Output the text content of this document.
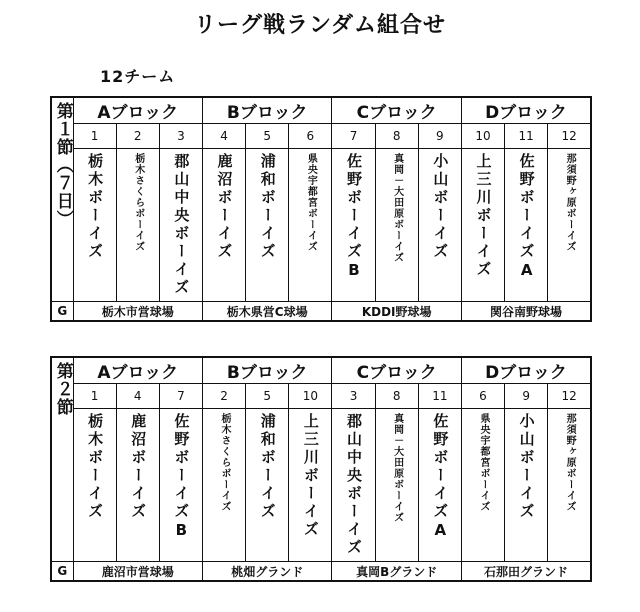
リーグ戦ランダム組合せ
12チーム
第１節（７日）	Aブロック			Bブロック			Cブロック			Dブロック		
	1	2	3	4	5	6	7	8	9	10	11	12
	栃木ボーイズ	栃木さくらボーイズ	郡山中央ボーイズ	鹿沼ボーイズ	浦和ボーイズ	県央宇都宮ボーイズ	佐野ボーイズB	真岡－大田原ボーイズ	小山ボーイズ	上三川ボーイズ	佐野ボーイズA	那須野ヶ原ボーイズ
G	栃木市営球場			栃木県営C球場			KDDI野球場			関谷南野球場		
第２節	Aブロック			Bブロック			Cブロック			Dブロック		
	1	4	7	2	5	10	3	8	11	6	9	12
	栃木ボーイズ	鹿沼ボーイズ	佐野ボーイズB	栃木さくらボーイズ	浦和ボーイズ	上三川ボーイズ	郡山中央ボーイズ	真岡－大田原ボーイズ	佐野ボーイズA	県央宇都宮ボーイズ	小山ボーイズ	那須野ヶ原ボーイズ
G	鹿沼市営球場			桃畑グランド			真岡Bグランド			石那田グランド		
